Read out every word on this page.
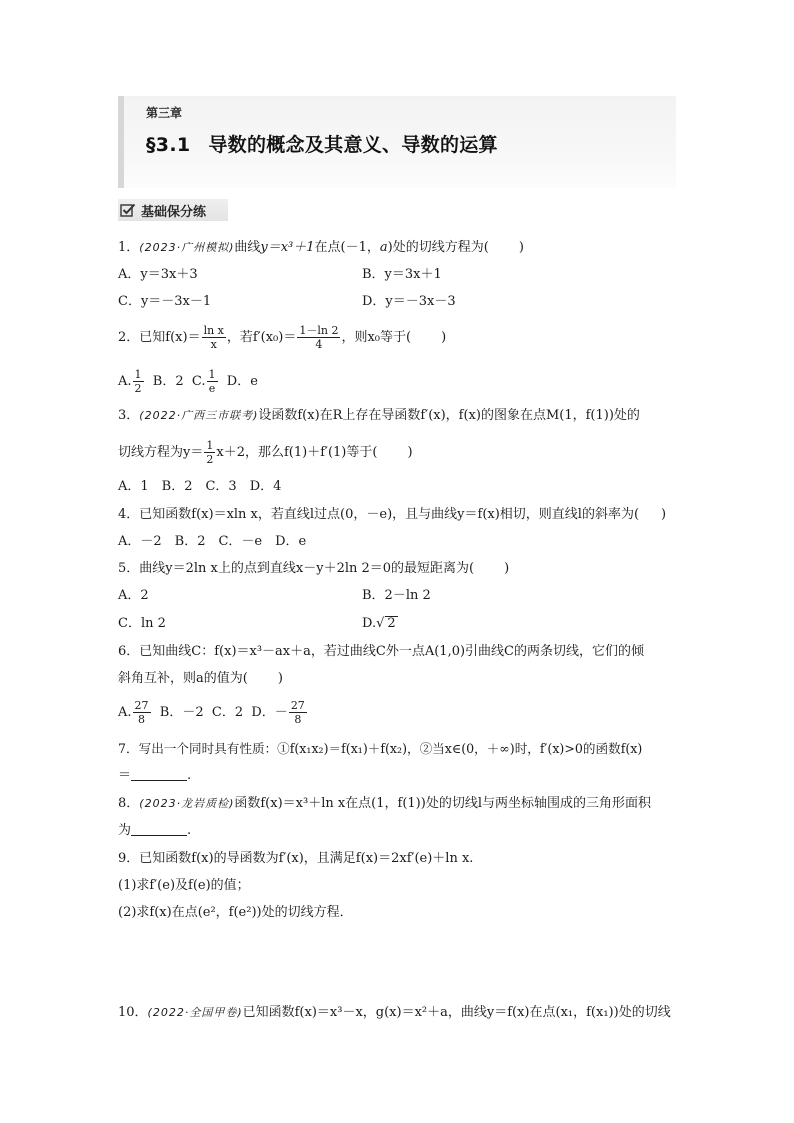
第三章
§3.1 导数的概念及其意义、导数的运算
基础保分练
1．(2023·广州模拟)曲线y＝x³＋1在点(－1，a)处的切线方程为( )
A．y＝3x＋3	B．y＝3x＋1
C．y＝－3x－1	D．y＝－3x－3
2．已知$f(x)= \frac{\text{ln x}}{x}$ ，若$f'(x_0)= \frac{1-\ln 2}{4}$ ，则x₀等于( )
A. $\frac{1}{2}$ B．2 C. $\frac{1}{e}$ D．e
3．(2022·广西三市联考)设函数f(x)在R上存在导函数f′(x)，f(x)的图象在点M(1，f(1))处的
切线方程为$y= \frac{1}{2} x+2$，那么f(1)＋f′(1)等于( )
A．1　B．2　C．3　D．4
4．已知函数f(x)＝xln x，若直线l过点(0，－e)，且与曲线y＝f(x)相切，则直线l的斜率为( )
A．－2　B．2　C．－e　D．e
5．曲线y＝2ln x上的点到直线x－y＋2ln 2＝0的最短距离为( )
A．2	B．2－ln 2
C．ln 2	D.√ 2
6．已知曲线C：f(x)＝x³－ax＋a，若过曲线C外一点A(1,0)引曲线C的两条切线，它们的倾
斜角互补，则a的值为( )
A. $\frac{27}{8}$ B．－2 C．2 D．－ $\frac{27}{8}$
7．写出一个同时具有性质：①f(x₁x₂)＝f(x₁)＋f(x₂)，②当x∈(0，＋∞)时，f′(x)>0的函数f(x)
＝	.
8．(2023·龙岩质检)函数f(x)＝x³＋ln x在点(1，f(1))处的切线l与两坐标轴围成的三角形面积
为	.
9．已知函数f(x)的导函数为f′(x)，且满足f(x)＝2xf′(e)＋ln x.
(1)求f′(e)及f(e)的值；
(2)求f(x)在点(e²，f(e²))处的切线方程．
10．(2022·全国甲卷)已知函数f(x)＝x³－x，g(x)＝x²＋a，曲线y＝f(x)在点(x₁，f(x₁))处的切线
